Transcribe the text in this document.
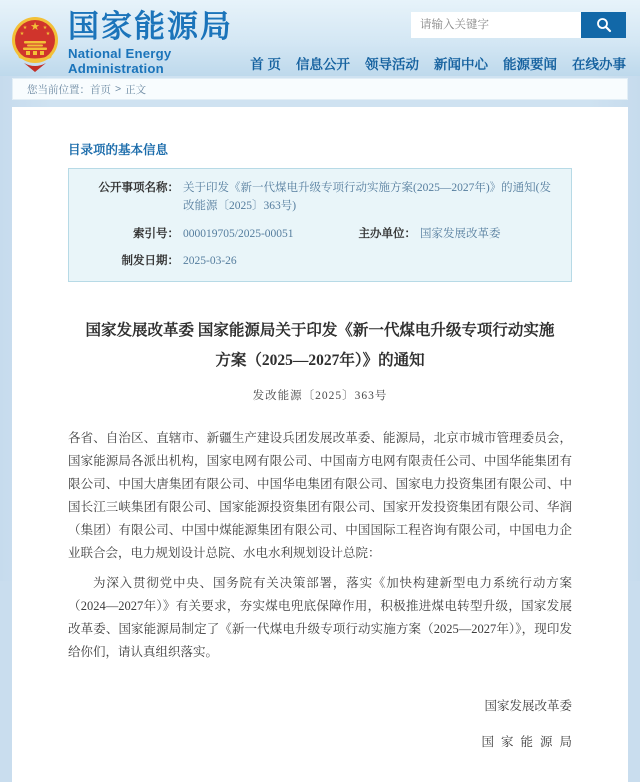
★
★	★
★	★ 国家能源局
National Energy Administration
请输入关键字	首 页 信息公开 领导活动 新闻中心 能源要闻 在线办事
您当前位置： 首页 > 正文
目录项的基本信息
公开事项名称： 关于印发《新一代煤电升级专项行动实施方案(2025—2027年)》的通知(发改能源〔2025〕363号)
索引号： 000019705/2025-00051	主办单位： 国家发展改革委
制发日期： 2025-03-26
国家发展改革委 国家能源局关于印发《新一代煤电升级专项行动实施方案（2025—2027年）》的通知
发改能源〔2025〕363号

各省、自治区、直辖市、新疆生产建设兵团发展改革委、能源局，北京市城市管理委员会，国家能源局各派出机构，国家电网有限公司、中国南方电网有限责任公司、中国华能集团有限公司、中国大唐集团有限公司、中国华电集团有限公司、国家电力投资集团有限公司、中国长江三峡集团有限公司、国家能源投资集团有限公司、国家开发投资集团有限公司、华润（集团）有限公司、中国中煤能源集团有限公司、中国国际工程咨询有限公司，中国电力企业联合会，电力规划设计总院、水电水利规划设计总院：

为深入贯彻党中央、国务院有关决策部署，落实《加快构建新型电力系统行动方案（2024—2027年）》有关要求，夯实煤电兜底保障作用，积极推进煤电转型升级，国家发展改革委、国家能源局制定了《新一代煤电升级专项行动实施方案（2025—2027年）》，现印发给你们，请认真组织落实。

国家发展改革委
国家能源局
